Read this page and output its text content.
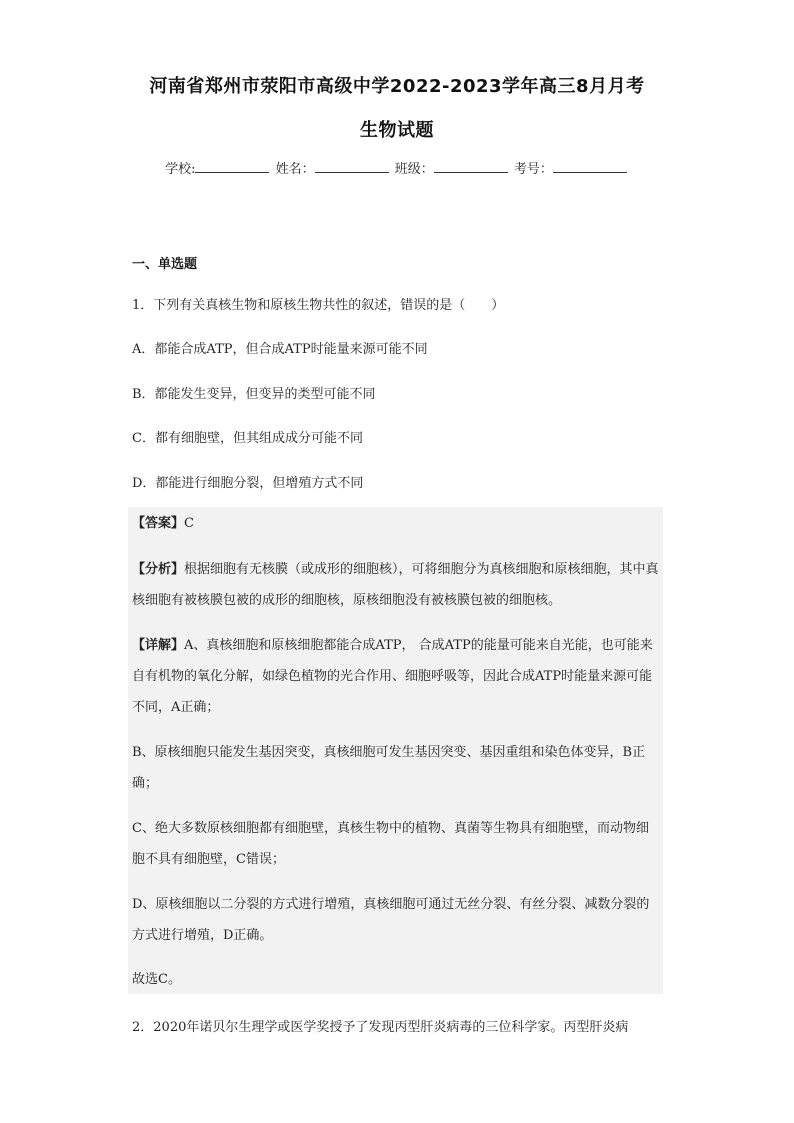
河南省郑州市荥阳市高级中学2022-2023学年高三8月月考
生物试题
学校:	姓名：	班级：	考号：
一、单选题
1．下列有关真核生物和原核生物共性的叙述，错误的是（　　）
A．都能合成ATP，但合成ATP时能量来源可能不同
B．都能发生变异，但变异的类型可能不同
C．都有细胞壁，但其组成成分可能不同
D．都能进行细胞分裂，但增殖方式不同
【答案】C
【分析】根据细胞有无核膜（或成形的细胞核），可将细胞分为真核细胞和原核细胞，其中真核细胞有被核膜包被的成形的细胞核，原核细胞没有被核膜包被的细胞核。
【详解】A、真核细胞和原核细胞都能合成ATP， 合成ATP的能量可能来自光能，也可能来自有机物的氧化分解，如绿色植物的光合作用、细胞呼吸等，因此合成ATP时能量来源可能不同，A正确；
B、原核细胞只能发生基因突变，真核细胞可发生基因突变、基因重组和染色体变异，B正确；
C、绝大多数原核细胞都有细胞壁，真核生物中的植物、真菌等生物具有细胞壁，而动物细胞不具有细胞壁，C错误；
D、原核细胞以二分裂的方式进行增殖，真核细胞可通过无丝分裂、有丝分裂、减数分裂的方式进行增殖，D正确。
故选C。
2．2020年诺贝尔生理学或医学奖授予了发现丙型肝炎病毒的三位科学家。丙型肝炎病
